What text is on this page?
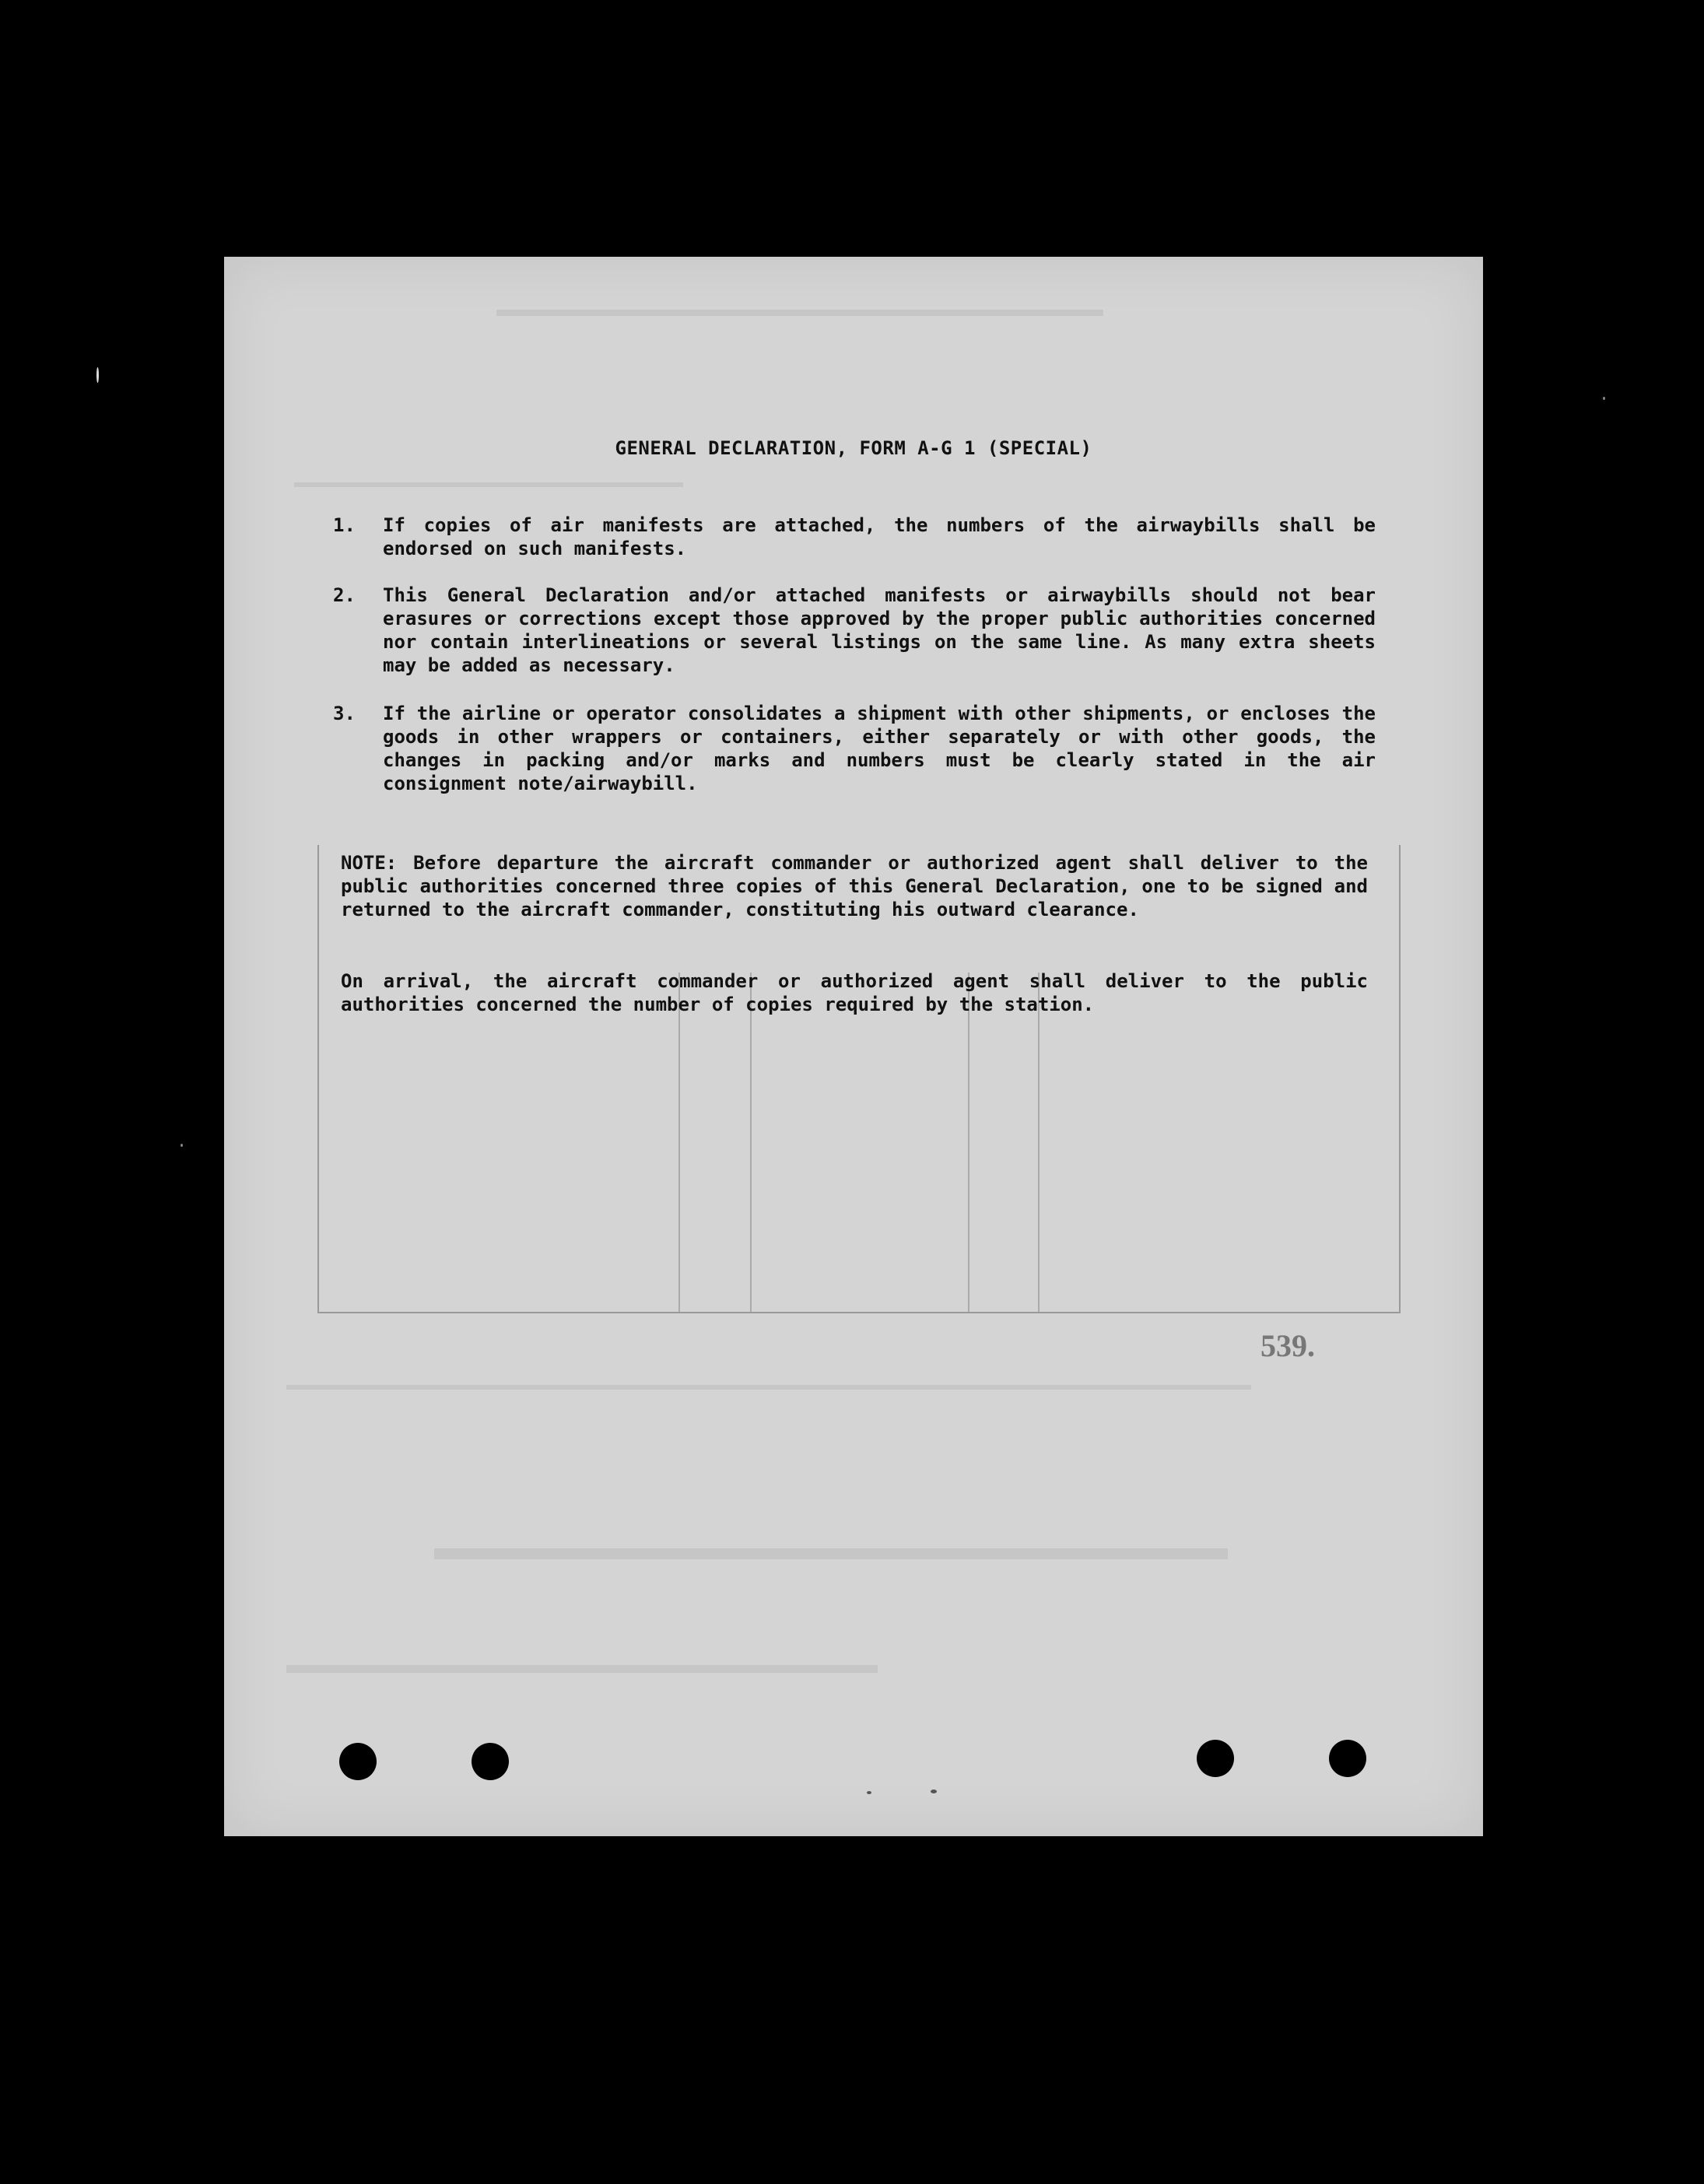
GENERAL DECLARATION, FORM A-G 1 (SPECIAL)
1. If copies of air manifests are attached, the numbers of the airwaybills shall be endorsed on such manifests.
2. This General Declaration and/or attached manifests or airwaybills should not bear erasures or corrections except those approved by the proper public authorities concerned nor contain interlineations or several listings on the same line. As many extra sheets may be added as necessary.
3. If the airline or operator consolidates a shipment with other shipments, or encloses the goods in other wrappers or containers, either separately or with other goods, the changes in packing and/or marks and numbers must be clearly stated in the air consignment note/airwaybill.
NOTE: Before departure the aircraft commander or authorized agent shall deliver to the public authorities concerned three copies of this General Declaration, one to be signed and returned to the aircraft commander, constituting his outward clearance.
On arrival, the aircraft commander or authorized agent shall deliver to the public authorities concerned the number of copies required by the station.
539.
